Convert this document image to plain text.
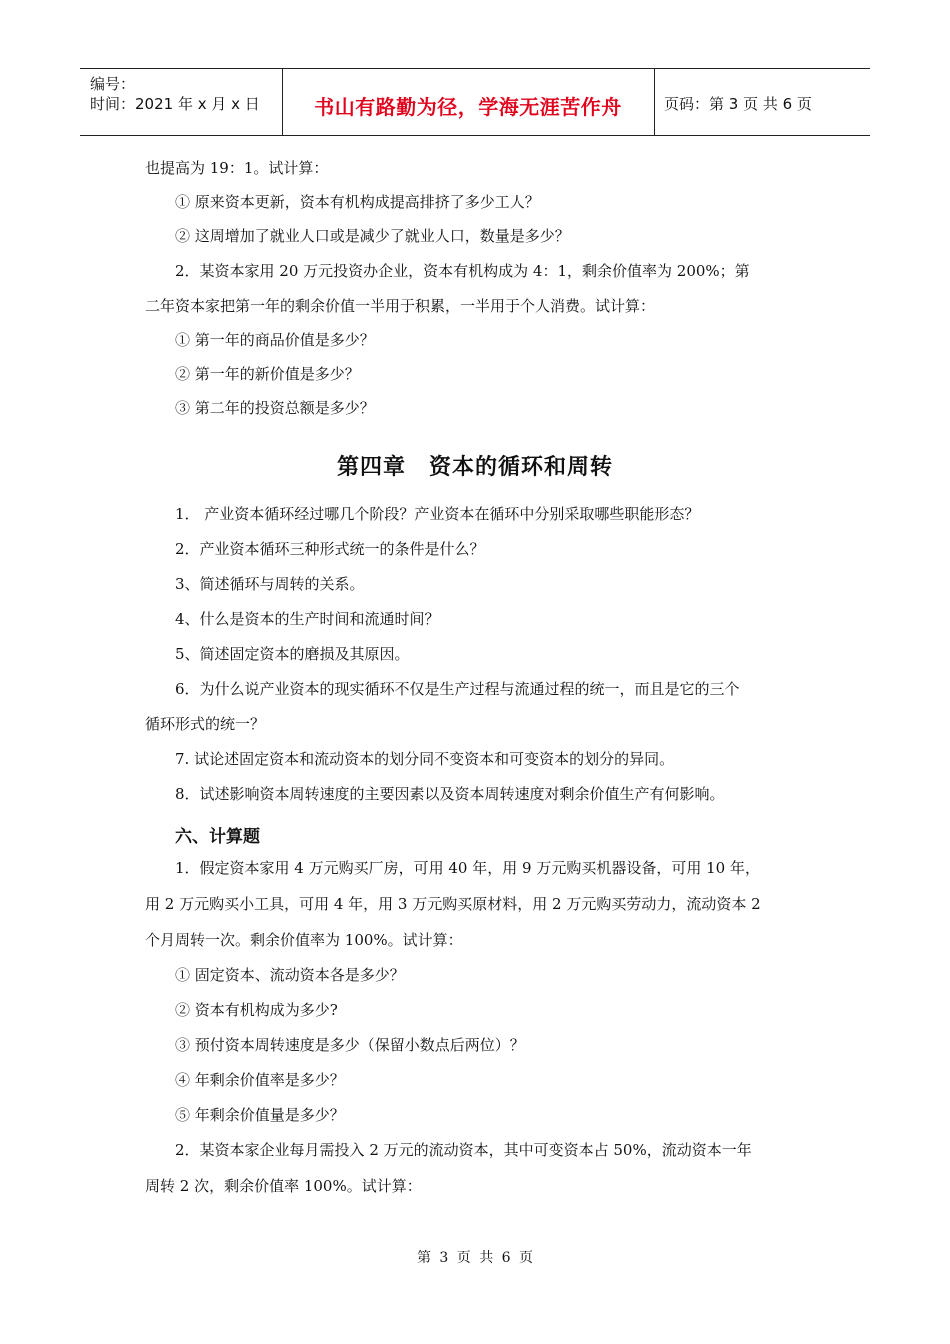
编号：
时间：2021 年 x 月 x 日	书山有路勤为径，学海无涯苦作舟	页码：第 3 页 共 6 页
也提高为 19：1。试计算：
① 原来资本更新，资本有机构成提高排挤了多少工人？
② 这周增加了就业人口或是减少了就业人口，数量是多少？
2．某资本家用 20 万元投资办企业，资本有机构成为 4：1，剩余价值率为 200%；第
二年资本家把第一年的剩余价值一半用于积累，一半用于个人消费。试计算：
① 第一年的商品价值是多少？
② 第一年的新价值是多少？
③ 第二年的投资总额是多少？
第四章　资本的循环和周转
1． 产业资本循环经过哪几个阶段？产业资本在循环中分别采取哪些职能形态？
2．产业资本循环三种形式统一的条件是什么？
3、简述循环与周转的关系。
4、什么是资本的生产时间和流通时间？
5、简述固定资本的磨损及其原因。
6．为什么说产业资本的现实循环不仅是生产过程与流通过程的统一，而且是它的三个
循环形式的统一？
7. 试论述固定资本和流动资本的划分同不变资本和可变资本的划分的异同。
8．试述影响资本周转速度的主要因素以及资本周转速度对剩余价值生产有何影响。
六、计算题
1．假定资本家用 4 万元购买厂房，可用 40 年，用 9 万元购买机器设备，可用 10 年，
用 2 万元购买小工具，可用 4 年，用 3 万元购买原材料，用 2 万元购买劳动力，流动资本 2
个月周转一次。剩余价值率为 100%。试计算：
① 固定资本、流动资本各是多少？
② 资本有机构成为多少?
③ 预付资本周转速度是多少（保留小数点后两位）？
④ 年剩余价值率是多少？
⑤ 年剩余价值量是多少？
2．某资本家企业每月需投入 2 万元的流动资本，其中可变资本占 50%，流动资本一年
周转 2 次，剩余价值率 100%。试计算：
第 3 页 共 6 页
